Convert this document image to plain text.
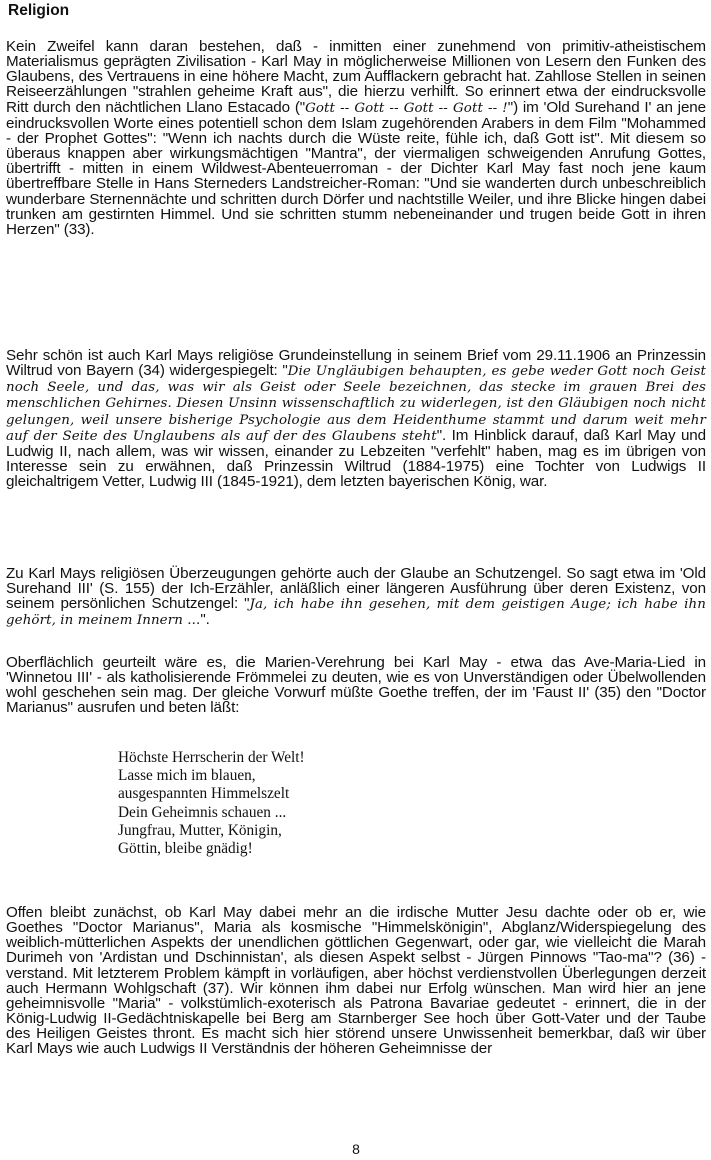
Religion

Kein Zweifel kann daran bestehen, daß - inmitten einer zunehmend von primitiv-atheistischem Materialismus geprägten Zivilisation - Karl May in möglicherweise Millionen von Lesern den Funken des Glaubens, des Vertrauens in eine höhere Macht, zum Aufflackern gebracht hat. Zahllose Stellen in seinen Reiseerzählungen "strahlen geheime Kraft aus", die hierzu verhilft. So erinnert etwa der eindrucksvolle Ritt durch den nächtlichen Llano Estacado ("Gott -- Gott -- Gott -- Gott -- !") im 'Old Surehand I' an jene eindrucksvollen Worte eines potentiell schon dem Islam zugehörenden Arabers in dem Film "Mohammed - der Prophet Gottes": "Wenn ich nachts durch die Wüste reite, fühle ich, daß Gott ist". Mit diesem so überaus knappen aber wirkungsmächtigen "Mantra", der viermaligen schweigenden Anrufung Gottes, übertrifft - mitten in einem Wildwest-Abenteuerroman - der Dichter Karl May fast noch jene kaum übertreffbare Stelle in Hans Sterneders Landstreicher-Roman: "Und sie wanderten durch unbeschreiblich wunderbare Sternennächte und schritten durch Dörfer und nachtstille Weiler, und ihre Blicke hingen dabei trunken am gestirnten Himmel. Und sie schritten stumm nebeneinander und trugen beide Gott in ihren Herzen" (33).

Sehr schön ist auch Karl Mays religiöse Grundeinstellung in seinem Brief vom 29.11.1906 an Prinzessin Wiltrud von Bayern (34) widergespiegelt: "Die Ungläubigen behaupten, es gebe weder Gott noch Geist noch Seele, und das, was wir als Geist oder Seele bezeichnen, das stecke im grauen Brei des menschlichen Gehirnes. Diesen Unsinn wissenschaftlich zu widerlegen, ist den Gläubigen noch nicht gelungen, weil unsere bisherige Psychologie aus dem Heidenthume stammt und darum weit mehr auf der Seite des Unglaubens als auf der des Glaubens steht". Im Hinblick darauf, daß Karl May und Ludwig II, nach allem, was wir wissen, einander zu Lebzeiten "verfehlt" haben, mag es im übrigen von Interesse sein zu erwähnen, daß Prinzessin Wiltrud (1884-1975) eine Tochter von Ludwigs II gleichaltrigem Vetter, Ludwig III (1845-1921), dem letzten bayerischen König, war.

Zu Karl Mays religiösen Überzeugungen gehörte auch der Glaube an Schutzengel. So sagt etwa im 'Old Surehand III' (S. 155) der Ich-Erzähler, anläßlich einer längeren Ausführung über deren Existenz, von seinem persönlichen Schutzengel: "Ja, ich habe ihn gesehen, mit dem geistigen Auge; ich habe ihn gehört, in meinem Innern ...".

Oberflächlich geurteilt wäre es, die Marien-Verehrung bei Karl May - etwa das Ave-Maria-Lied in 'Winnetou III' - als katholisierende Frömmelei zu deuten, wie es von Unverständigen oder Übelwollenden wohl geschehen sein mag. Der gleiche Vorwurf müßte Goethe treffen, der im 'Faust II' (35) den "Doctor Marianus" ausrufen und beten läßt:

Höchste Herrscherin der Welt!
Lasse mich im blauen,
ausgespannten Himmelszelt
Dein Geheimnis schauen ...
Jungfrau, Mutter, Königin,
Göttin, bleibe gnädig!

Offen bleibt zunächst, ob Karl May dabei mehr an die irdische Mutter Jesu dachte oder ob er, wie Goethes "Doctor Marianus", Maria als kosmische "Himmelskönigin", Abglanz/Widerspiegelung des weiblich-mütterlichen Aspekts der unendlichen göttlichen Gegenwart, oder gar, wie vielleicht die Marah Durimeh von 'Ardistan und Dschinnistan', als diesen Aspekt selbst - Jürgen Pinnows "Tao-ma"? (36) - verstand. Mit letzterem Problem kämpft in vorläufigen, aber höchst verdienstvollen Überlegungen derzeit auch Hermann Wohlgschaft (37). Wir können ihm dabei nur Erfolg wünschen. Man wird hier an jene geheimnisvolle "Maria" - volkstümlich-exoterisch als Patrona Bavariae gedeutet - erinnert, die in der König-Ludwig II-Gedächtniskapelle bei Berg am Starnberger See hoch über Gott-Vater und der Taube des Heiligen Geistes thront. Es macht sich hier störend unsere Unwissenheit bemerkbar, daß wir über Karl Mays wie auch Ludwigs II Verständnis der höheren Geheimnisse der

8
